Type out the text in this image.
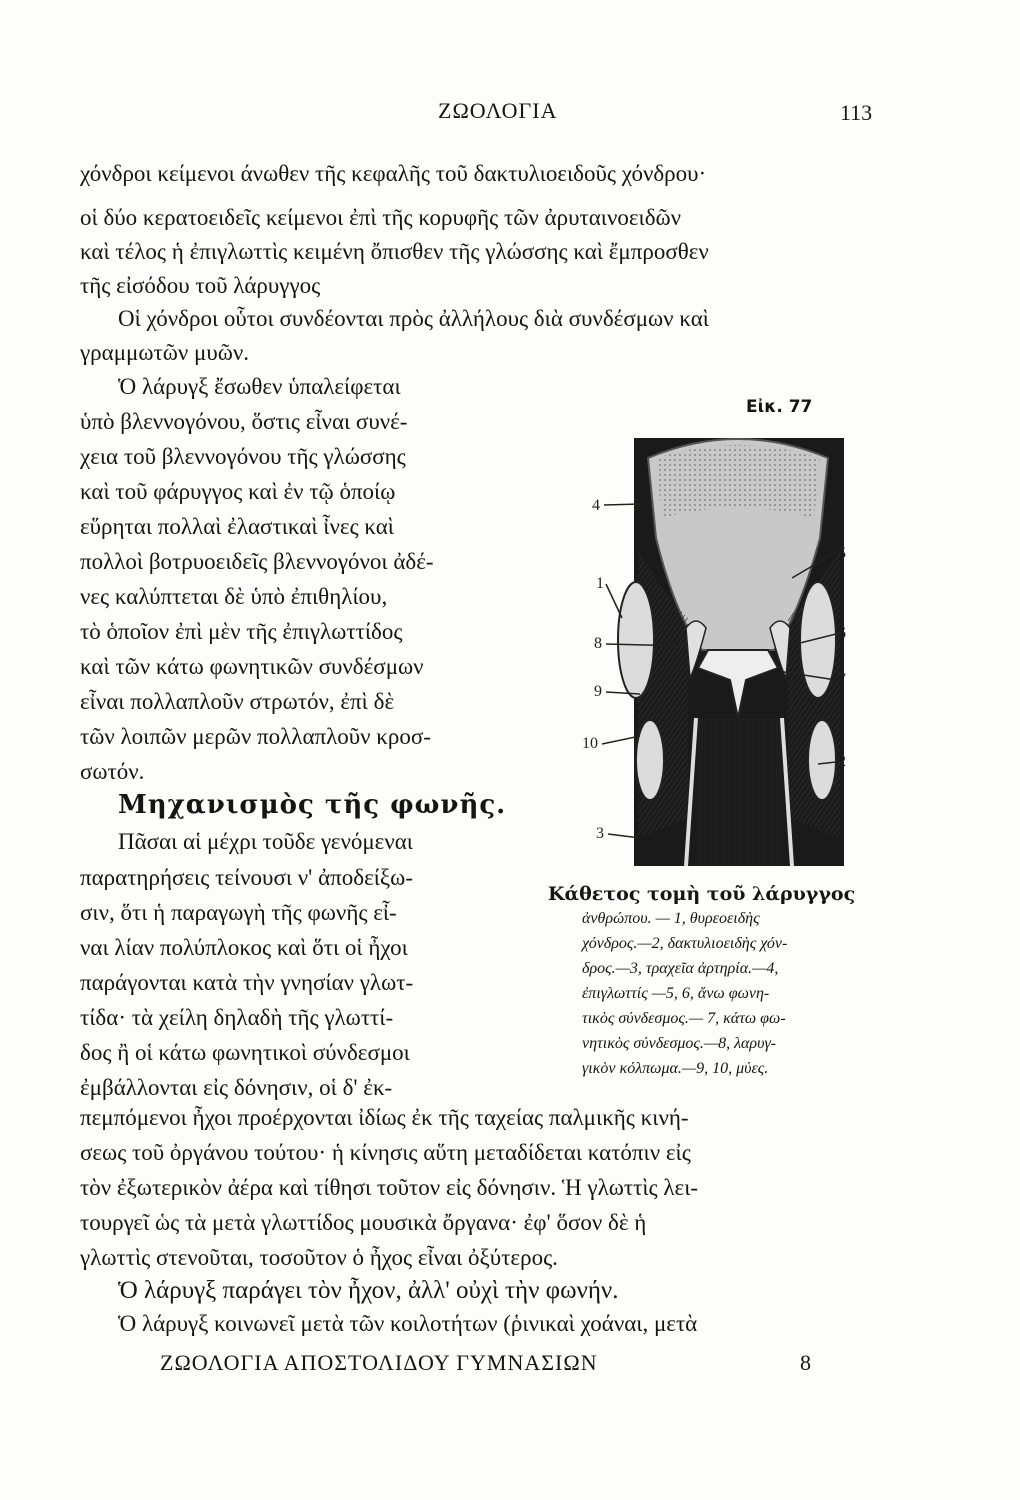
ΖΩΟΛΟΓΙΑ	113
χόνδροι κείμενοι άνωθεν τῆς κεφαλῆς τοῦ δακτυλιοειδοῦς χόνδρου·
οἱ δύο κερατοειδεῖς κείμενοι ἐπὶ τῆς κορυφῆς τῶν ἀρυταινοειδῶν
καὶ τέλος ἡ ἐπιγλωττὶς κειμένη ὄπισθεν τῆς γλώσσης καὶ ἔμπροσθεν
τῆς εἰσόδου τοῦ λάρυγγος
Οἱ χόνδροι οὗτοι συνδέονται πρὸς ἀλλήλους διὰ συνδέσμων καὶ
γραμμωτῶν μυῶν.
Ὁ λάρυγξ ἔσωθεν ὑπαλείφεται
ὑπὸ βλεννογόνου, ὅστις εἶναι συνέ-
χεια τοῦ βλεννογόνου τῆς γλώσσης
καὶ τοῦ φάρυγγος καὶ ἐν τῷ ὁποίῳ
εὕρηται πολλαὶ ἐλαστικαὶ ἶνες καὶ
πολλοὶ βοτρυοειδεῖς βλεννογόνοι ἀδέ-
νες καλύπτεται δὲ ὑπὸ ἐπιθηλίου,
τὸ ὁποῖον ἐπὶ μὲν τῆς ἐπιγλωττίδος
καὶ τῶν κάτω φωνητικῶν συνδέσμων
εἶναι πολλαπλοῦν στρωτόν, ἐπὶ δὲ
τῶν λοιπῶν μερῶν πολλαπλοῦν κροσ-
σωτόν.
Μηχανισμὸς τῆς φωνῆς.
Πᾶσαι αἱ μέχρι τοῦδε γενόμεναι
παρατηρήσεις τείνουσι ν' ἀποδείξω-
σιν, ὅτι ἡ παραγωγὴ τῆς φωνῆς εἶ-
ναι λίαν πολύπλοκος καὶ ὅτι οἱ ἦχοι
παράγονται κατὰ τὴν γνησίαν γλωτ-
τίδα· τὰ χείλη δηλαδὴ τῆς γλωττί-
δος ἢ οἱ κάτω φωνητικοὶ σύνδεσμοι
ἐμβάλλονται εἰς δόνησιν, οἱ δ' ἐκ-
πεμπόμενοι ἦχοι προέρχονται ἰδίως ἐκ τῆς ταχείας παλμικῆς κινή-
σεως τοῦ ὀργάνου τούτου· ἡ κίνησις αὕτη μεταδίδεται κατόπιν εἰς
τὸν ἐξωτερικὸν ἀέρα καὶ τίθησι τοῦτον εἰς δόνησιν. Ἡ γλωττὶς λει-
τουργεῖ ὡς τὰ μετὰ γλωττίδος μουσικὰ ὄργανα· ἐφ' ὅσον δὲ ἡ
γλωττὶς στενοῦται, τοσοῦτον ὁ ἦχος εἶναι ὀξύτερος.
Ὁ λάρυγξ παράγει τὸν ἦχον, ἀλλ' οὐχὶ τὴν φωνήν.
Ὁ λάρυγξ κοινωνεῖ μετὰ τῶν κοιλοτήτων (ῥινικαὶ χοάναι, μετὰ
Εἰκ. 77
4
1
8
9
10
3
5
6
7
2
Κάθετος τομὴ τοῦ λάρυγγος
ἀνθρώπου. — 1, θυρεοειδὴς
χόνδρος.—2, δακτυλιοειδὴς χόν-
δρος.—3, τραχεῖα ἀρτηρία.—4,
ἐπιγλωττίς —5, 6, ἄνω φωνη-
τικὸς σύνδεσμος.— 7, κάτω φω-
νητικὸς σύνδεσμος.—8, λαρυγ-
γικὸν κόλπωμα.—9, 10, μύες.
ΖΩΟΛΟΓΙΑ ΑΠΟΣΤΟΛΙΔΟΥ ΓΥΜΝΑΣΙΩΝ	8
